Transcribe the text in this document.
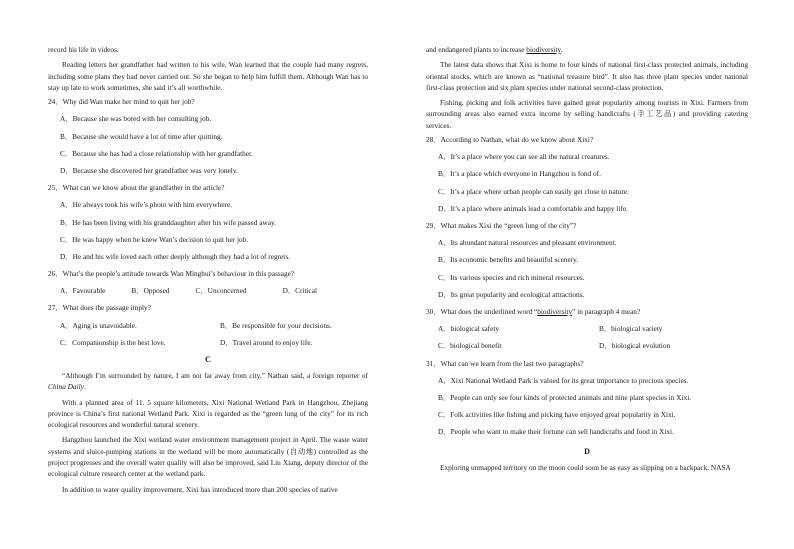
record his life in videos.

Reading letters her grandfather had written to his wife, Wan learned that the couple had many regrets, including some plans they had never carried out. So she began to help him fulfill them. Although Wan has to stay up late to work sometimes, she said it’s all worthwhile.

24．Why did Wan make her mind to quit her job?

A．Because she was bored with her consulting job.

B．Because she would have a lot of time after quitting.

C．Because she has had a close relationship with her grandfather.

D．Because she discovered her grandfather was very lonely.

25．What can we know about the grandfather in the article?

A．He always took his wife’s photo with him everywhere.

B．He has been living with his granddaughter after his wife passed away.

C．He was happy when he knew Wan’s decision to quit her job.

D．He and his wife loved each other deeply although they had a lot of regrets.

26．What’s the people’s attitude towards Wan Minghui’s behaviour in this passage?

A．Favourable	B．Opposed	C．Unconcerned	D．Critical

27．What does the passage imply?

A．Aging is unavoidable.	B．Be responsible for your decisions.

C．Companionship is the best love.	D．Travel around to enjoy life.

C

“Although I’m surrounded by nature, I am not far away from city,” Nathan said, a foreign reporter of China Daily.

With a planned area of 11. 5 square kilometers, Xixi National Wetland Park in Hangzhou, Zhejiang province is China’s first national Wetland Park. Xixi is regarded as the “green lung of the city” for its rich ecological resources and wonderful natural scenery.

Hangzhou launched the Xixi wetland water environment management project in April. The waste water systems and sluice-pumping stations in the wetland will be more automatically (自动地) controlled as the project progresses and the overall water quality will also be improved, said Liu Xiang, deputy director of the ecological culture research center at the wetland park.

In addition to water quality improvement, Xixi has introduced more than 200 species of native

and endangered plants to increase biodiversity.

The latest data shows that Xixi is home to four kinds of national first-class protected animals, including oriental stocks, which are known as “national treasure bird”. It also has three plant species under national first-class protection and six plant species under national second-class protection.

Fishing, picking and folk activities have gained great popularity among tourists in Xixi. Farmers from surrounding areas also earned extra income by selling handicrafts (手工艺品) and providing catering services.

28．According to Nathan, what do we know about Xixi?

A．It’s a place where you can see all the natural creatures.

B．It’s a place which everyone in Hangzhou is fond of.

C．It’s a place where urban people can easily get close to nature.

D．It’s a place where animals lead a comfortable and happy life.

29．What makes Xixi the “green lung of the city”?

A．Its abundant natural resources and pleasant environment.

B．Its economic benefits and beautiful scenery.

C．Its various species and rich mineral resources.

D．Its great popularity and ecological attractions.

30．What does the underlined word “biodiversity” in paragraph 4 mean?

A．biological safety	B．biological variety

C．biological benefit	D．biological evolution

31．What can we learn from the last two paragraphs?

A．Xixi National Wetland Park is valued for its great importance to precious species.

B．People can only see four kinds of protected animals and nine plant species in Xixi.

C．Folk activities like fishing and picking have enjoyed great popularity in Xixi.

D．People who want to make their fortune can sell handicrafts and food in Xixi.

D

Exploring unmapped territory on the moon could soon be as easy as slipping on a backpack. NASA
